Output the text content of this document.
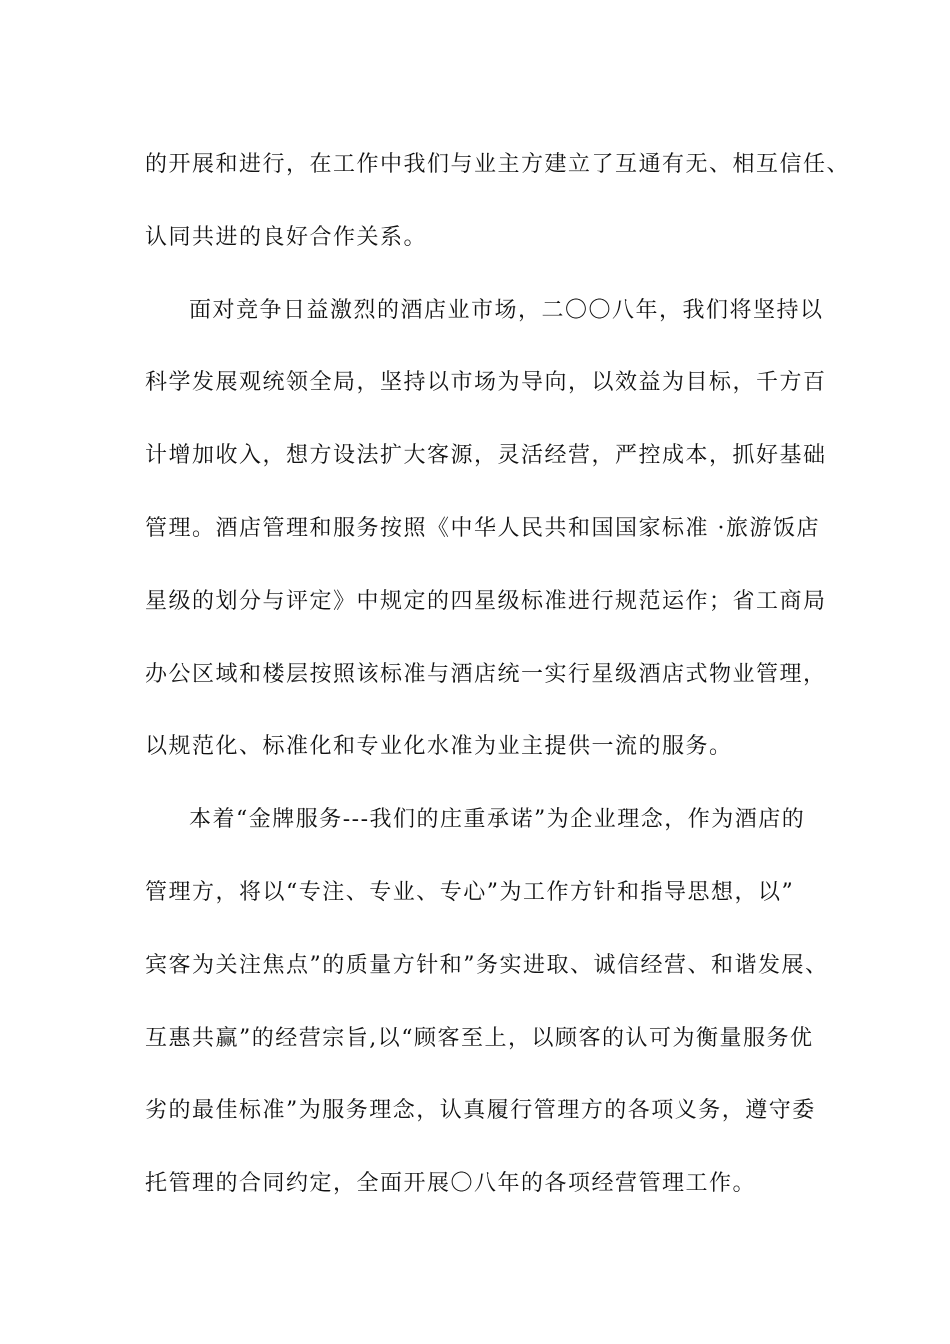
的开展和进行，在工作中我们与业主方建立了互通有无、相互信任、
认同共进的良好合作关系。
面对竞争日益激烈的酒店业市场，二〇〇八年，我们将坚持以
科学发展观统领全局，坚持以市场为导向，以效益为目标，千方百
计增加收入，想方设法扩大客源，灵活经营，严控成本，抓好基础
管理。酒店管理和服务按照《中华人民共和国国家标准 ·旅游饭店
星级的划分与评定》中规定的四星级标准进行规范运作；省工商局
办公区域和楼层按照该标准与酒店统一实行星级酒店式物业管理，
以规范化、标准化和专业化水准为业主提供一流的服务。
本着“金牌服务---我们的庄重承诺”为企业理念，作为酒店的
管理方，将以“专注、专业、专心”为工作方针和指导思想，以”
宾客为关注焦点”的质量方针和”务实进取、诚信经营、和谐发展、
互惠共赢”的经营宗旨,以“顾客至上，以顾客的认可为衡量服务优
劣的最佳标准”为服务理念，认真履行管理方的各项义务，遵守委
托管理的合同约定，全面开展〇八年的各项经营管理工作。
